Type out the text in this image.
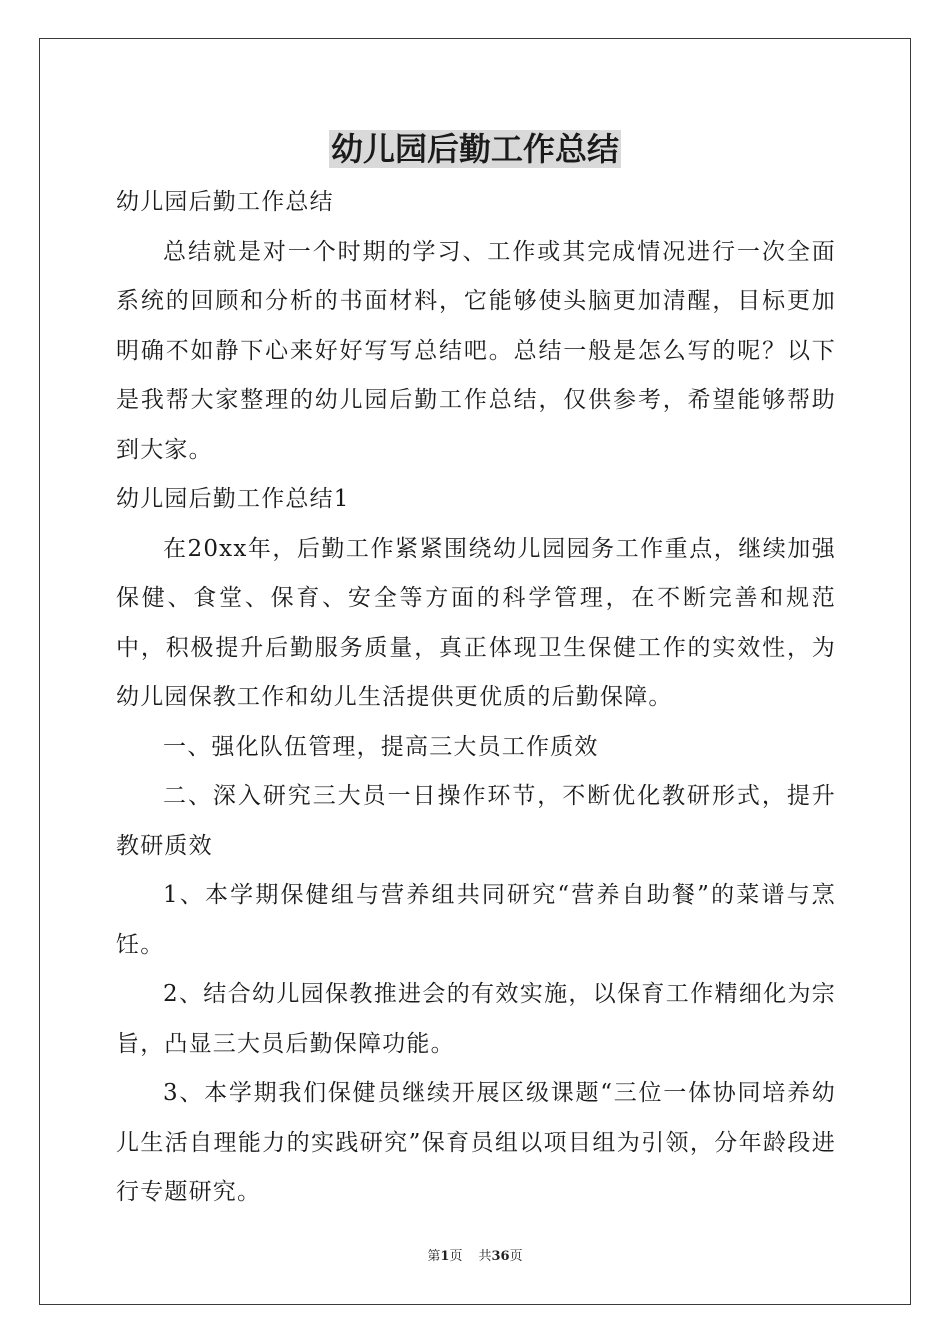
幼儿园后勤工作总结

幼儿园后勤工作总结

总结就是对一个时期的学习、工作或其完成情况进行一次全面系统的回顾和分析的书面材料，它能够使头脑更加清醒，目标更加明确不如静下心来好好写写总结吧。总结一般是怎么写的呢？以下是我帮大家整理的幼儿园后勤工作总结，仅供参考，希望能够帮助到大家。

幼儿园后勤工作总结1

在20xx年，后勤工作紧紧围绕幼儿园园务工作重点，继续加强保健、食堂、保育、安全等方面的科学管理，在不断完善和规范中，积极提升后勤服务质量，真正体现卫生保健工作的实效性，为幼儿园保教工作和幼儿生活提供更优质的后勤保障。

一、强化队伍管理，提高三大员工作质效

二、深入研究三大员一日操作环节，不断优化教研形式，提升教研质效

1、本学期保健组与营养组共同研究“营养自助餐”的菜谱与烹饪。

2、结合幼儿园保教推进会的有效实施，以保育工作精细化为宗旨，凸显三大员后勤保障功能。

3、本学期我们保健员继续开展区级课题“三位一体协同培养幼儿生活自理能力的实践研究”保育员组以项目组为引领，分年龄段进行专题研究。

第1页 共36页
